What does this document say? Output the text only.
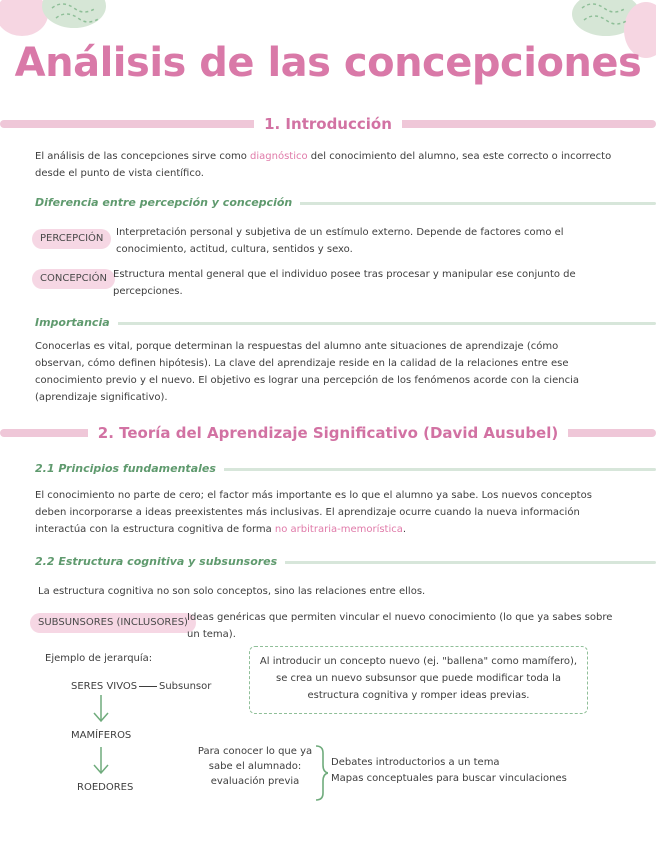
Análisis de las concepciones
1. Introducción
El análisis de las concepciones sirve como diagnóstico del conocimiento del alumno, sea este correcto o incorrecto desde el punto de vista científico.
Diferencia entre percepción y concepción
PERCEPCIÓN
Interpretación personal y subjetiva de un estímulo externo. Depende de factores como el conocimiento, actitud, cultura, sentidos y sexo.
CONCEPCIÓN Estructura mental general que el individuo posee tras procesar y manipular ese conjunto de percepciones.
Importancia
Conocerlas es vital, porque determinan la respuestas del alumno ante situaciones de aprendizaje (cómo observan, cómo definen hipótesis). La clave del aprendizaje reside en la calidad de la relaciones entre ese conocimiento previo y el nuevo. El objetivo es lograr una percepción de los fenómenos acorde con la ciencia (aprendizaje significativo).
2. Teoría del Aprendizaje Significativo (David Ausubel)
2.1 Principios fundamentales
El conocimiento no parte de cero; el factor más importante es lo que el alumno ya sabe. Los nuevos conceptos deben incorporarse a ideas preexistentes más inclusivas. El aprendizaje ocurre cuando la nueva información interactúa con la estructura cognitiva de forma no arbitraria-memorística.
2.2 Estructura cognitiva y subsunsores
La estructura cognitiva no son solo conceptos, sino las relaciones entre ellos.
SUBSUNSORES (INCLUSORES) Ideas genéricas que permiten vincular el nuevo conocimiento (lo que ya sabes sobre un tema).
Ejemplo de jerarquía:
SERES VIVOS Subsunsor
MAMÍFEROS
ROEDORES
Al introducir un concepto nuevo (ej. "ballena" como mamífero), se crea un nuevo subsunsor que puede modificar toda la estructura cognitiva y romper ideas previas.
Para conocer lo que ya sabe el alumnado: evaluación previa
Debates introductorios a un tema
Mapas conceptuales para buscar vinculaciones
